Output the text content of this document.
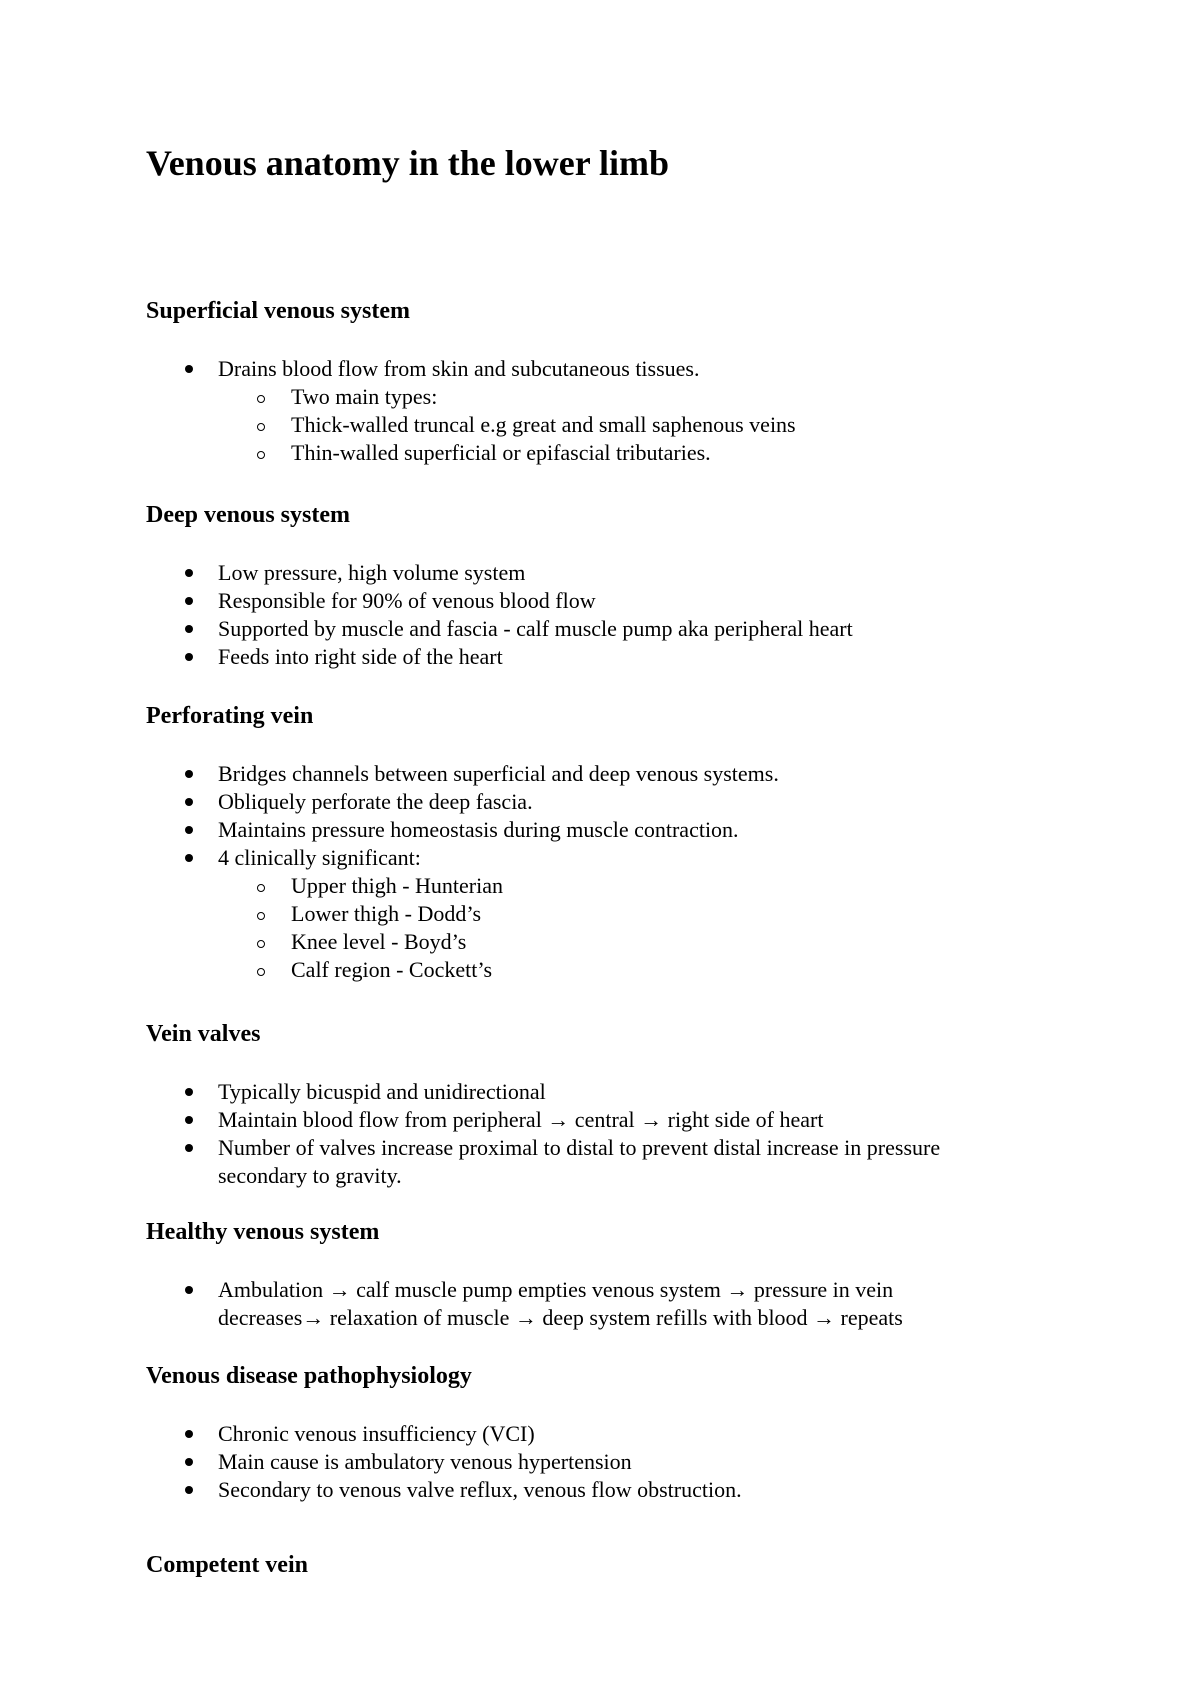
Venous anatomy in the lower limb
Superficial venous system
Drains blood flow from skin and subcutaneous tissues.
Two main types:
Thick-walled truncal e.g great and small saphenous veins
Thin-walled superficial or epifascial tributaries.
Deep venous system
Low pressure, high volume system
Responsible for 90% of venous blood flow
Supported by muscle and fascia - calf muscle pump aka peripheral heart
Feeds into right side of the heart
Perforating vein
Bridges channels between superficial and deep venous systems.
Obliquely perforate the deep fascia.
Maintains pressure homeostasis during muscle contraction.
4 clinically significant:
Upper thigh - Hunterian
Lower thigh - Dodd’s
Knee level - Boyd’s
Calf region - Cockett’s
Vein valves
Typically bicuspid and unidirectional
Maintain blood flow from peripheral → central → right side of heart
Number of valves increase proximal to distal to prevent distal increase in pressure
secondary to gravity.
Healthy venous system
Ambulation → calf muscle pump empties venous system → pressure in vein
decreases→ relaxation of muscle → deep system refills with blood → repeats
Venous disease pathophysiology
Chronic venous insufficiency (VCI)
Main cause is ambulatory venous hypertension
Secondary to venous valve reflux, venous flow obstruction.
Competent vein
